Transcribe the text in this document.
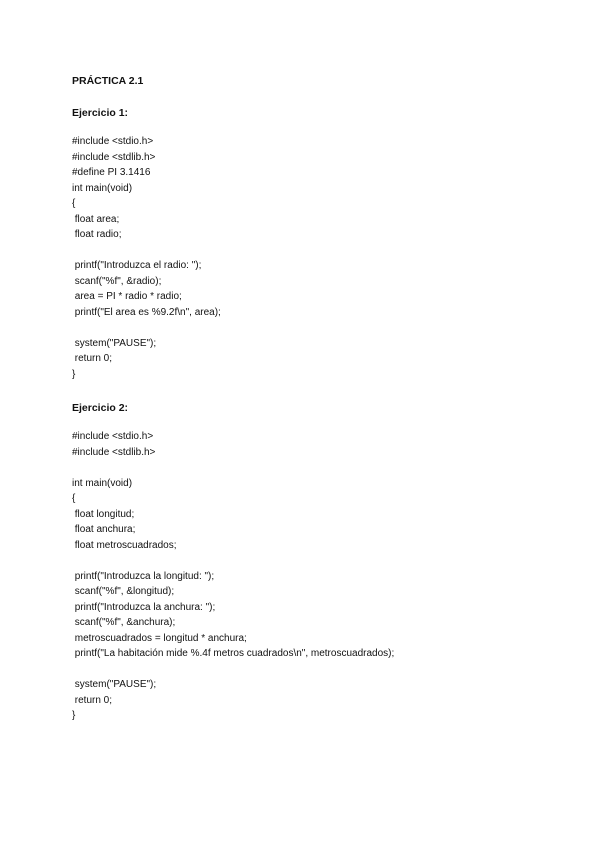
PRÁCTICA 2.1
Ejercicio 1:
#include <stdio.h>
#include <stdlib.h>
#define PI 3.1416
int main(void)
{
float area;
float radio;
printf("Introduzca el radio: ");
scanf("%f", &radio);
area = PI * radio * radio;
printf("El area es %9.2f\n", area);
system("PAUSE");
return 0;
}
Ejercicio 2:
#include <stdio.h>
#include <stdlib.h>
int main(void)
{
float longitud;
float anchura;
float metroscuadrados;
printf("Introduzca la longitud: ");
scanf("%f", &longitud);
printf("Introduzca la anchura: ");
scanf("%f", &anchura);
metroscuadrados = longitud * anchura;
printf("La habitación mide %.4f metros cuadrados\n", metroscuadrados);
system("PAUSE");
return 0;
}
